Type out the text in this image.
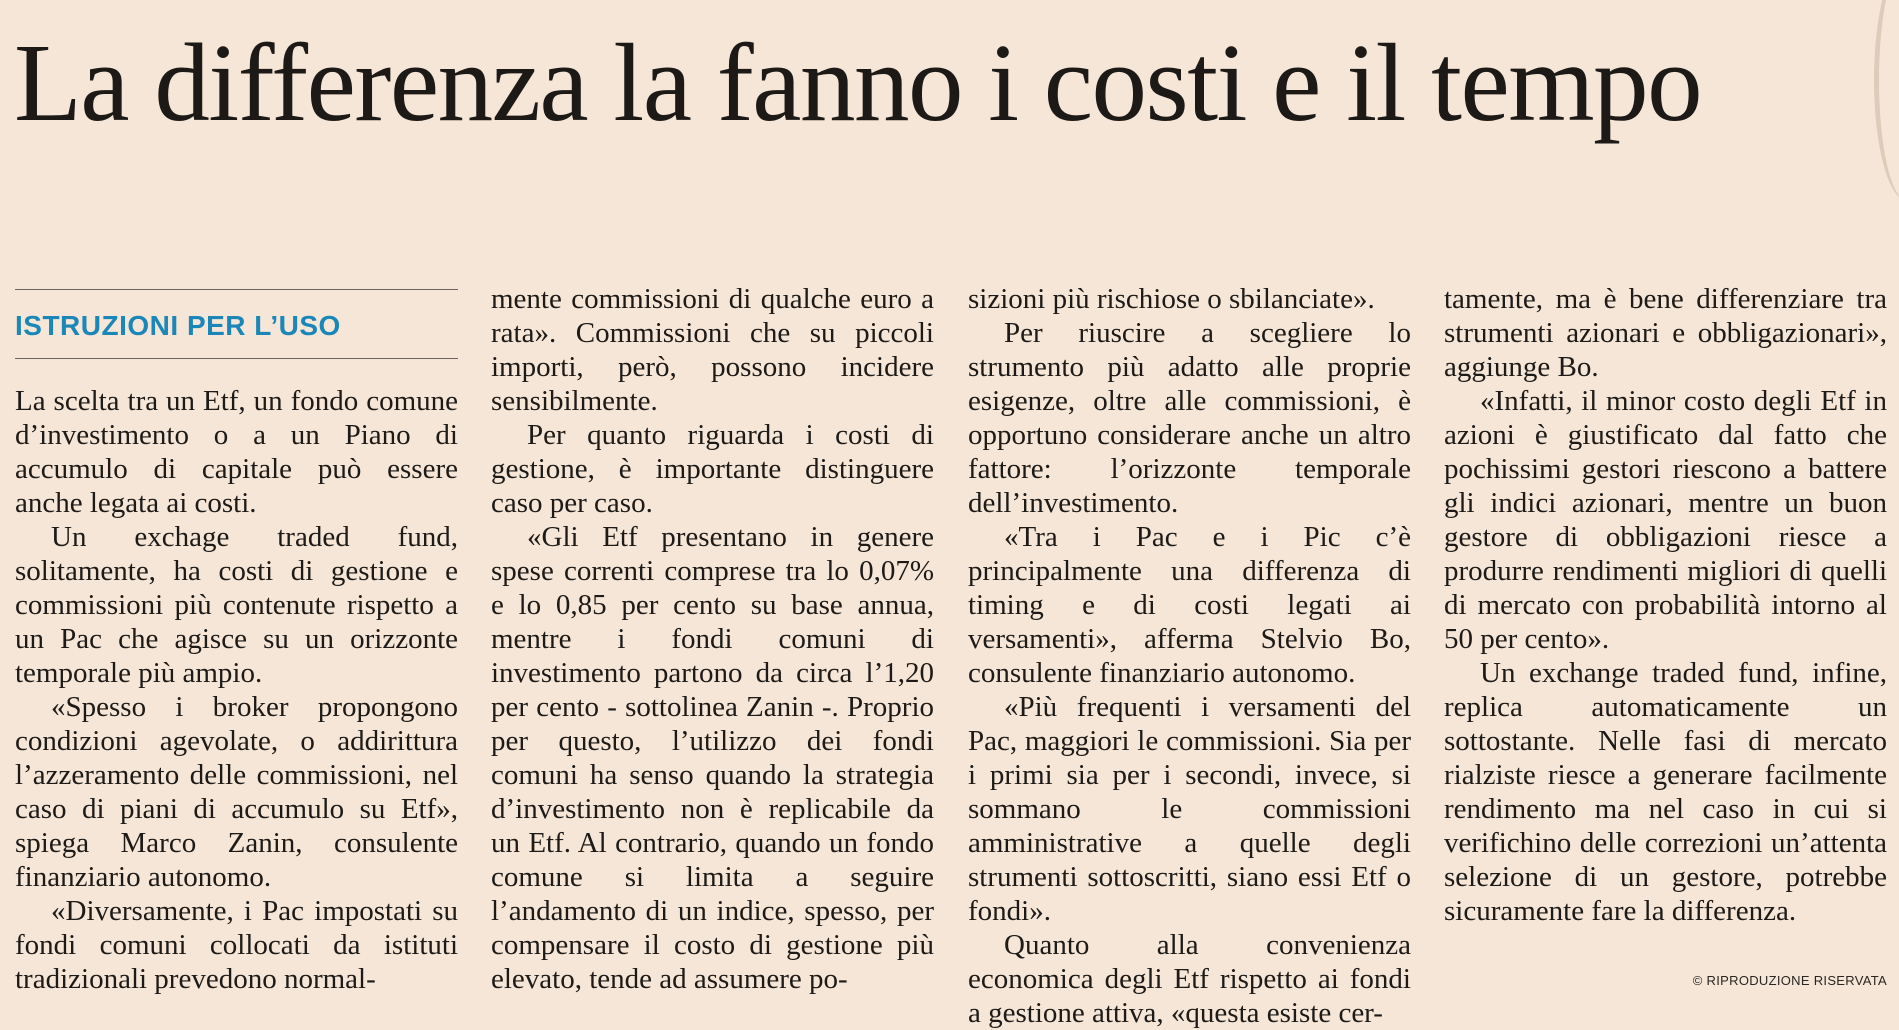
La differenza la fanno i costi e il tempo
ISTRUZIONI PER L’USO

La scelta tra un Etf, un fondo comune d’investimento o a un Piano di accumulo di capitale può essere anche legata ai costi.

Un exchage traded fund, solitamente, ha costi di gestione e commissioni più contenute rispetto a un Pac che agisce su un orizzonte temporale più ampio.

«Spesso i broker propongono condizioni agevolate, o addirittura l’azzeramento delle commissioni, nel caso di piani di accumulo su Etf», spiega Marco Zanin, consulente finanziario autonomo.

«Diversamente, i Pac impostati su fondi comuni collocati da istituti tradizionali prevedono normal-

mente commissioni di qualche euro a rata». Commissioni che su piccoli importi, però, possono incidere sensibilmente.

Per quanto riguarda i costi di gestione, è importante distinguere caso per caso.

«Gli Etf presentano in genere spese correnti comprese tra lo 0,07% e lo 0,85 per cento su base annua, mentre i fondi comuni di investimento partono da circa l’1,20 per cento - sottolinea Zanin -. Proprio per questo, l’utilizzo dei fondi comuni ha senso quando la strategia d’investimento non è replicabile da un Etf. Al contrario, quando un fondo comune si limita a seguire l’andamento di un indice, spesso, per compensare il costo di gestione più elevato, tende ad assumere po-

sizioni più rischiose o sbilanciate».

Per riuscire a scegliere lo strumento più adatto alle proprie esigenze, oltre alle commissioni, è opportuno considerare anche un altro fattore: l’orizzonte temporale dell’investimento.

«Tra i Pac e i Pic c’è principalmente una differenza di timing e di costi legati ai versamenti», afferma Stelvio Bo, consulente finanziario autonomo.

«Più frequenti i versamenti del Pac, maggiori le commissioni. Sia per i primi sia per i secondi, invece, si sommano le commissioni amministrative a quelle degli strumenti sottoscritti, siano essi Etf o fondi».

Quanto alla convenienza economica degli Etf rispetto ai fondi a gestione attiva, «questa esiste cer-

tamente, ma è bene differenziare tra strumenti azionari e obbligazionari», aggiunge Bo.

«Infatti, il minor costo degli Etf in azioni è giustificato dal fatto che pochissimi gestori riescono a battere gli indici azionari, mentre un buon gestore di obbligazioni riesce a produrre rendimenti migliori di quelli di mercato con probabilità intorno al 50 per cento».

Un exchange traded fund, infine, replica automaticamente un sottostante. Nelle fasi di mercato rialziste riesce a generare facilmente rendimento ma nel caso in cui si verifichino delle correzioni un’attenta selezione di un gestore, potrebbe sicuramente fare la differenza.

© RIPRODUZIONE RISERVATA
